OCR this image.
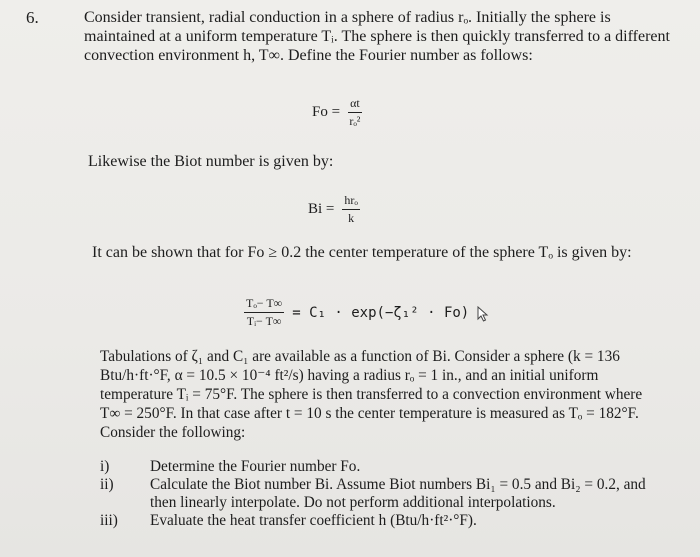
6.	Consider transient, radial conduction in a sphere of radius rₒ. Initially the sphere is maintained at a uniform temperature Tᵢ. The sphere is then quickly transferred to a different convection environment h, T∞. Define the Fourier number as follows:

$Fo = \frac{\alpha t}{\text{rₒ²}}$

Likewise the Biot number is given by:

$Bi = \frac{\text{hrₒ}}{k}$

It can be shown that for Fo ≥ 0.2 the center temperature of the sphere Tₒ is given by:

$\frac{\text{Tₒ− T∞}}{\text{Tᵢ− T∞}} = C_1 \cdot \exp(-\zeta_1^2 \cdot Fo)$

Tabulations of ζ₁ and C₁ are available as a function of Bi. Consider a sphere (k = 136 Btu/h·ft·°F, α = 10.5 × 10⁻⁴ ft²/s) having a radius rₒ = 1 in., and an initial uniform temperature Tᵢ = 75°F. The sphere is then transferred to a convection environment where T∞ = 250°F. In that case after t = 10 s the center temperature is measured as Tₒ = 182°F. Consider the following:

i)	Determine the Fourier number Fo.
ii)	Calculate the Biot number Bi. Assume Biot numbers Bi₁ = 0.5 and Bi₂ = 0.2, and then linearly interpolate. Do not perform additional interpolations.
iii)	Evaluate the heat transfer coefficient h (Btu/h·ft²·°F).
